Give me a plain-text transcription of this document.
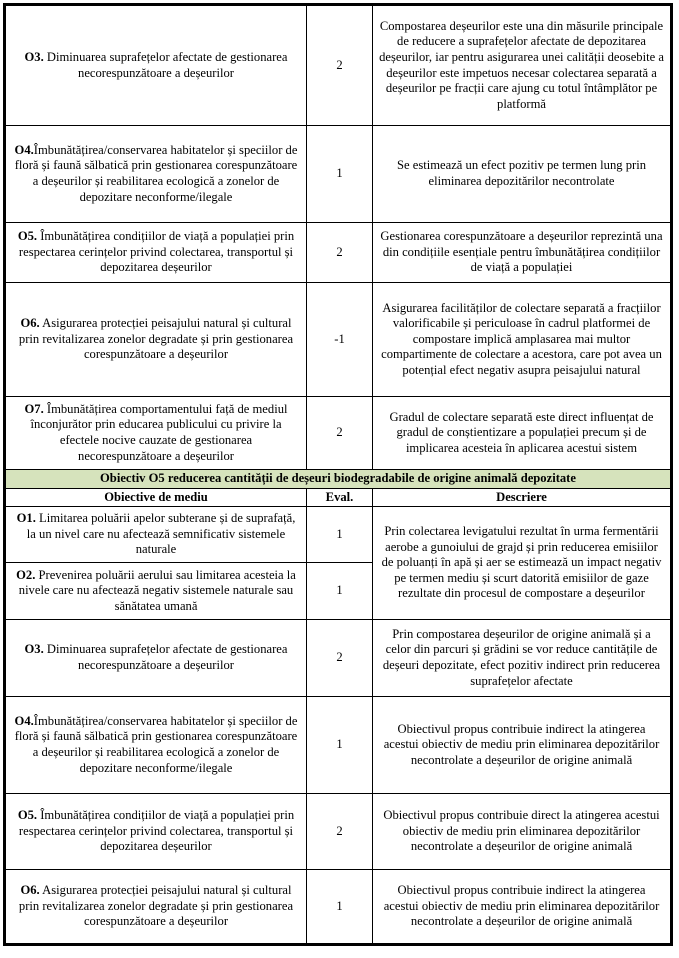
O3. Diminuarea suprafețelor afectate de gestionarea necorespunzătoare a deșeurilor	2	Compostarea deșeurilor este una din măsurile principale de reducere a suprafețelor afectate de depozitarea deșeurilor, iar pentru asigurarea unei calității deosebite a deșeurilor este impetuos necesar colectarea separată a deșeurilor pe fracții care ajung cu totul întâmplător pe platformă
O4.Îmbunătățirea/conservarea habitatelor și speciilor de floră și faună sălbatică prin gestionarea corespunzătoare a deșeurilor și reabilitarea ecologică a zonelor de depozitare neconforme/ilegale	1	Se estimează un efect pozitiv pe termen lung prin eliminarea depozitărilor necontrolate
O5. Îmbunătățirea condițiilor de viață a populației prin respectarea cerințelor privind colectarea, transportul și depozitarea deșeurilor	2	Gestionarea corespunzătoare a deșeurilor reprezintă una din condițiile esențiale pentru îmbunătățirea condițiilor de viață a populației
O6. Asigurarea protecției peisajului natural și cultural prin revitalizarea zonelor degradate și prin gestionarea corespunzătoare a deșeurilor	-1	Asigurarea facilităților de colectare separată a fracțiilor valorificabile și periculoase în cadrul platformei de compostare implică amplasarea mai multor compartimente de colectare a acestora, care pot avea un potențial efect negativ asupra peisajului natural
O7. Îmbunătățirea comportamentului față de mediul înconjurător prin educarea publicului cu privire la efectele nocive cauzate de gestionarea necorespunzătoare a deșeurilor	2	Gradul de colectare separată este direct influențat de gradul de conștientizare a populației precum și de implicarea acesteia în aplicarea acestui sistem
Obiectiv O5 reducerea cantității de deșeuri biodegradabile de origine animală depozitate		
Obiective de mediu	Eval.	Descriere
O1. Limitarea poluării apelor subterane și de suprafață, la un nivel care nu afectează semnificativ sistemele naturale	1	Prin colectarea levigatului rezultat în urma fermentării aerobe a gunoiului de grajd și prin reducerea emisiilor de poluanți în apă și aer se estimează un impact negativ pe termen mediu și scurt datorită emisiilor de gaze rezultate din procesul de compostare a deșeurilor
O2. Prevenirea poluării aerului sau limitarea acesteia la nivele care nu afectează negativ sistemele naturale sau sănătatea umană	1	
O3. Diminuarea suprafețelor afectate de gestionarea necorespunzătoare a deșeurilor	2	Prin compostarea deșeurilor de origine animală și a celor din parcuri și grădini se vor reduce cantitățile de deșeuri depozitate, efect pozitiv indirect prin reducerea suprafețelor afectate
O4.Îmbunătățirea/conservarea habitatelor și speciilor de floră și faună sălbatică prin gestionarea corespunzătoare a deșeurilor și reabilitarea ecologică a zonelor de depozitare neconforme/ilegale	1	Obiectivul propus contribuie indirect la atingerea acestui obiectiv de mediu prin eliminarea depozitărilor necontrolate a deșeurilor de origine animală
O5. Îmbunătățirea condițiilor de viață a populației prin respectarea cerințelor privind colectarea, transportul și depozitarea deșeurilor	2	Obiectivul propus contribuie direct la atingerea acestui obiectiv de mediu prin eliminarea depozitărilor necontrolate a deșeurilor de origine animală
O6. Asigurarea protecției peisajului natural și cultural prin revitalizarea zonelor degradate și prin gestionarea corespunzătoare a deșeurilor	1	Obiectivul propus contribuie indirect la atingerea acestui obiectiv de mediu prin eliminarea depozitărilor necontrolate a deșeurilor de origine animală
